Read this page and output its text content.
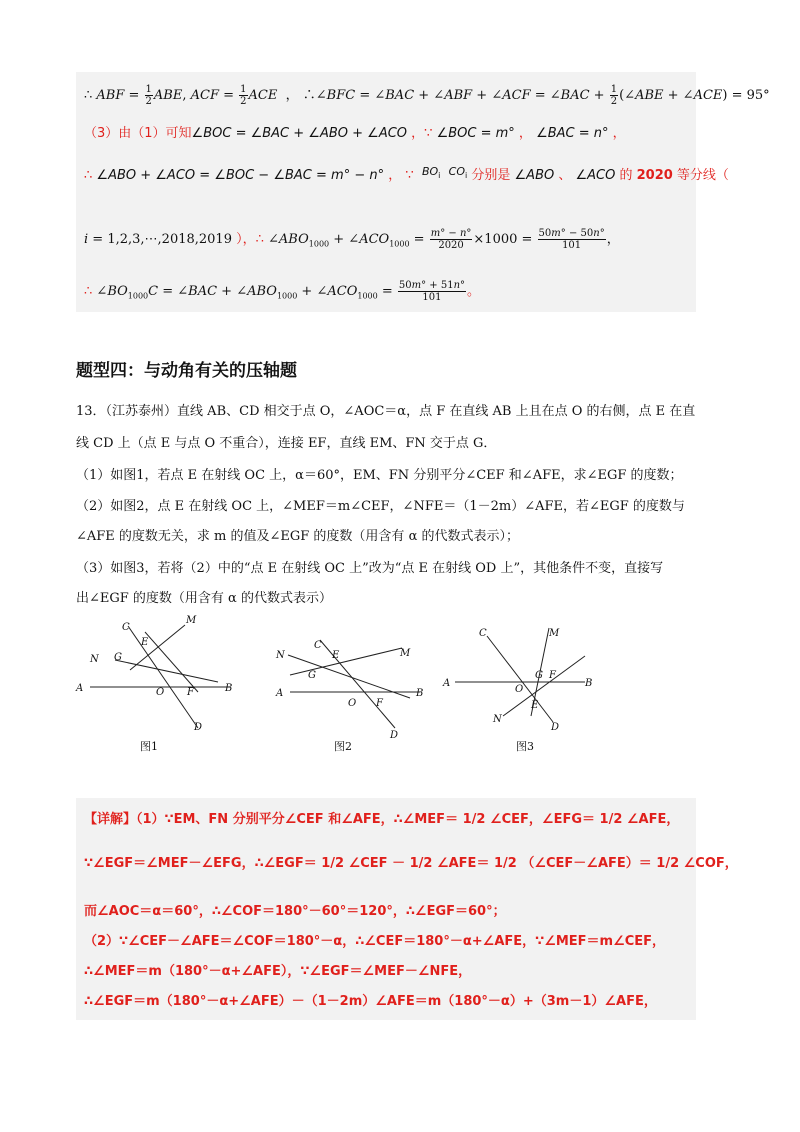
∴ ABF = $\frac{1}{2}$ ABE, ACF = $\frac{1}{2}$ ACE  ， ∴∠BFC = ∠BAC + ∠ABF + ∠ACF = ∠BAC + $\frac{1}{2}$ (∠ABE + ∠ACE) = 95°
（3）由（1）可知∠BOC = ∠BAC + ∠ABO + ∠ACO ，∵ ∠BOC = m° ， ∠BAC = n° ，
∴ ∠ABO + ∠ACO = ∠BOC − ∠BAC = m° − n° ， ∵  $^{BO_i}$ $^{CO_i}$ 分别是 ∠ABO 、 ∠ACO 的 2020 等分线（
i = 1,2,3,⋯,2018,2019 ），∴ $\angle ABO_{1000}$ + $\angle ACO_{1000} = \frac{m^\circ - n^\circ}{2020} \times 1000 = \frac{50m^\circ - 50n^\circ}{101}$ ，
∴ $\angle BO_{1000}C$ = ∠BAC + $\angle ABO_{1000}$ + $\angle ACO_{1000} = \frac{50m^\circ + 51n^\circ}{101}$ 。
题型四：与动角有关的压轴题
13．（江苏泰州）直线 AB、CD 相交于点 O，∠AOC＝α，点 F 在直线 AB 上且在点 O 的右侧，点 E 在直
线 CD 上（点 E 与点 O 不重合），连接 EF，直线 EM、FN 交于点 G．
（1）如图1，若点 E 在射线 OC 上，α＝60°，EM、FN 分别平分∠CEF 和∠AFE，求∠EGF 的度数；
（2）如图2，点 E 在射线 OC 上，∠MEF＝m∠CEF，∠NFE＝（1－2m）∠AFE，若∠EGF 的度数与
∠AFE 的度数无关，求 m 的值及∠EGF 的度数（用含有 α 的代数式表示）；
（3）如图3，若将（2）中的“点 E 在射线 OC 上”改为“点 E 在射线 OD 上”，其他条件不变，直接写
出∠EGF 的度数（用含有 α 的代数式表示）
C
M
E
N G
A	O F	B
D
图1
C
E	M
N
G
A
O F
B
D
图2
C	M
A
G F
O
B
E
N
D
图3
【详解】（1）∵EM、FN 分别平分∠CEF 和∠AFE，∴∠MEF＝ 1/2 ∠CEF，∠EFG＝ 1/2 ∠AFE，
∵∠EGF＝∠MEF－∠EFG，∴∠EGF＝ 1/2 ∠CEF － 1/2 ∠AFE＝ 1/2 （∠CEF－∠AFE）＝ 1/2 ∠COF，
而∠AOC＝α＝60°，∴∠COF＝180°－60°＝120°，∴∠EGF＝60°；
（2）∵∠CEF－∠AFE＝∠COF＝180°－α，∴∠CEF＝180°－α+∠AFE，∵∠MEF＝m∠CEF，
∴∠MEF＝m（180°－α+∠AFE），∵∠EGF＝∠MEF－∠NFE，
∴∠EGF＝m（180°－α+∠AFE）－（1－2m）∠AFE＝m（180°－α）+（3m－1）∠AFE，
